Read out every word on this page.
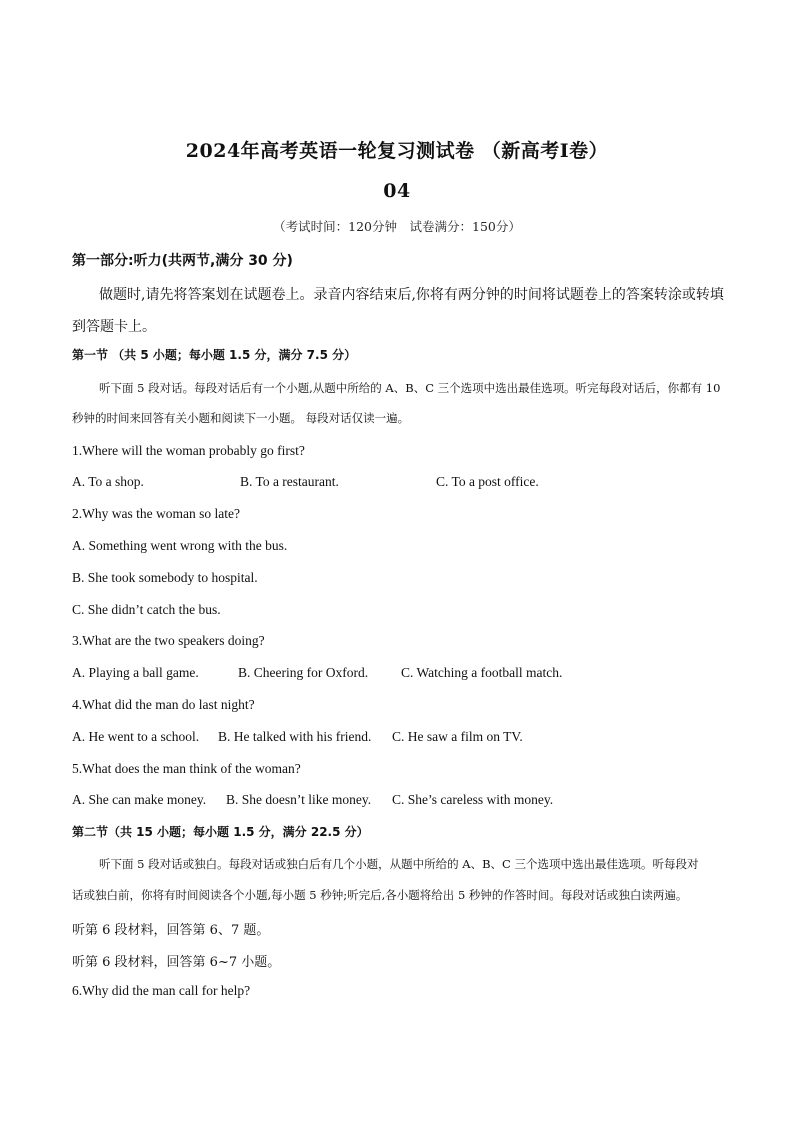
2024年高考英语一轮复习测试卷 （新高考Ⅰ卷）
04
（考试时间：120分钟　试卷满分：150分）
第一部分:听力(共两节,满分 30 分)
做题时,请先将答案划在试题卷上。录音内容结束后,你将有两分钟的时间将试题卷上的答案转涂或转填
到答题卡上。
第一节 （共 5 小题；每小题 1.5 分，满分 7.5 分）
听下面 5 段对话。每段对话后有一个小题,从题中所给的 A、B、C 三个选项中选出最佳选项。听完每段对话后，你都有 10
秒钟的时间来回答有关小题和阅读下一小题。 每段对话仅读一遍。
1.Where will the woman probably go first?
A. To a shop.	B. To a restaurant.	C. To a post office.
2.Why was the woman so late?
A. Something went wrong with the bus.
B. She took somebody to hospital.
C. She didn’t catch the bus.
3.What are the two speakers doing?
A. Playing a ball game.	B. Cheering for Oxford. C. Watching a football match.
4.What did the man do last night?
A. He went to a school. B. He talked with his friend. C. He saw a film on TV.
5.What does the man think of the woman?
A. She can make money. B. She doesn’t like money. C. She’s careless with money.
第二节（共 15 小题；每小题 1.5 分，满分 22.5 分）
听下面 5 段对话或独白。每段对话或独白后有几个小题，从题中所给的 A、B、C 三个选项中选出最佳选项。听每段对
话或独白前，你将有时间阅读各个小题,每小题 5 秒钟;听完后,各小题将给出 5 秒钟的作答时间。每段对话或独白读两遍。
听第 6 段材料，回答第 6、7 题。
听第 6 段材料，回答第 6~7 小题。
6.Why did the man call for help?
